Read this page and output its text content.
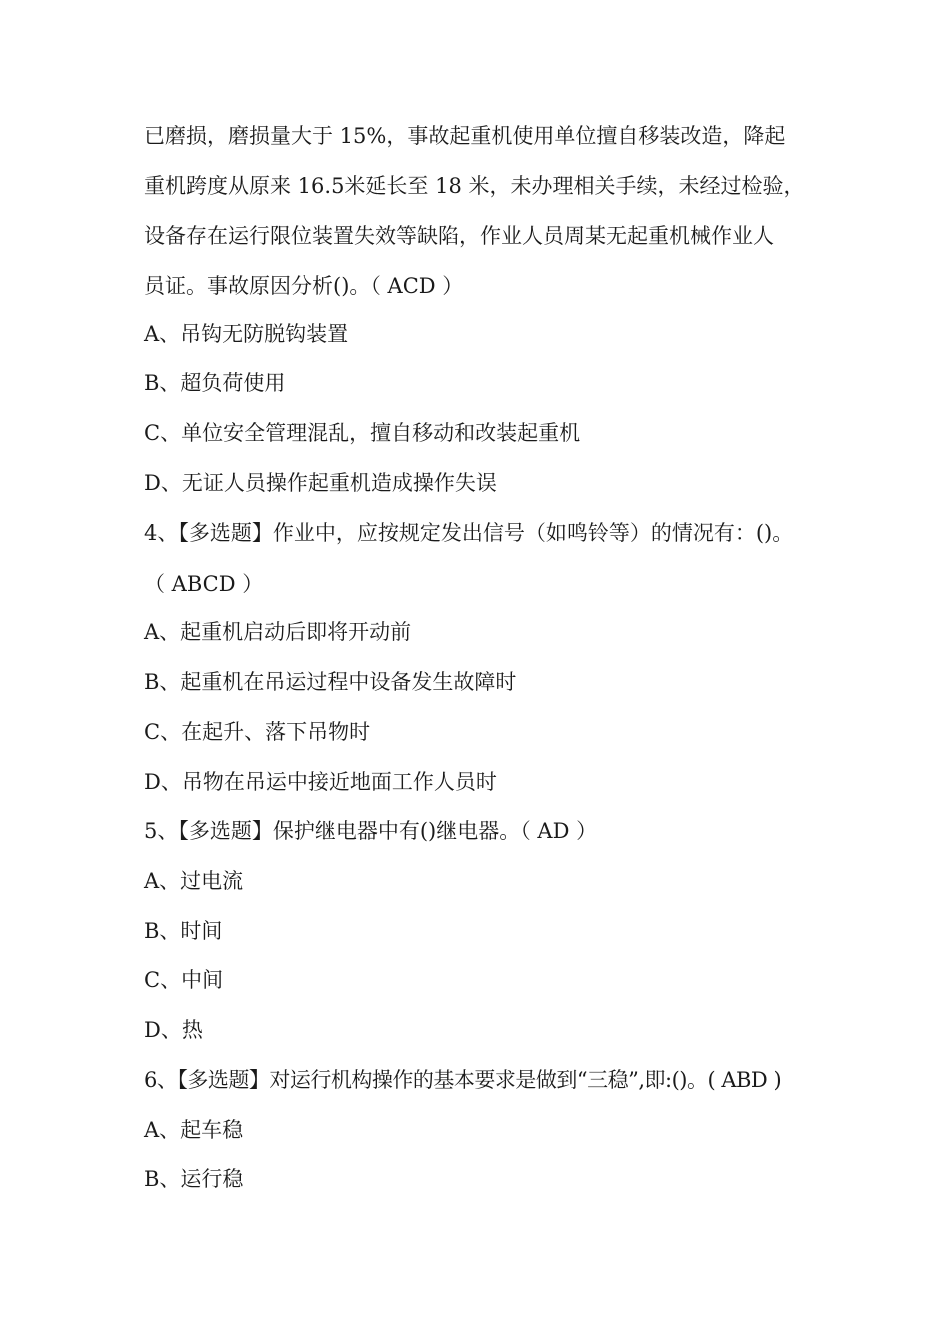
已磨损，磨损量大于 15%，事故起重机使用单位擅自移装改造，降起
重机跨度从原来 16.5米延长至 18 米，未办理相关手续，未经过检验，
设备存在运行限位装置失效等缺陷，作业人员周某无起重机械作业人
员证。事故原因分析()。（ ACD ）
A、吊钩无防脱钩装置
B、超负荷使用
C、单位安全管理混乱，擅自移动和改装起重机
D、无证人员操作起重机造成操作失误
4、【多选题】作业中，应按规定发出信号（如鸣铃等）的情况有：()。
（ ABCD ）
A、起重机启动后即将开动前
B、起重机在吊运过程中设备发生故障时
C、在起升、落下吊物时
D、吊物在吊运中接近地面工作人员时
5、【多选题】保护继电器中有()继电器。（ AD ）
A、过电流
B、时间
C、中间
D、热
6、【多选题】对运行机构操作的基本要求是做到“三稳”,即:()。( ABD )
A、起车稳
B、运行稳
